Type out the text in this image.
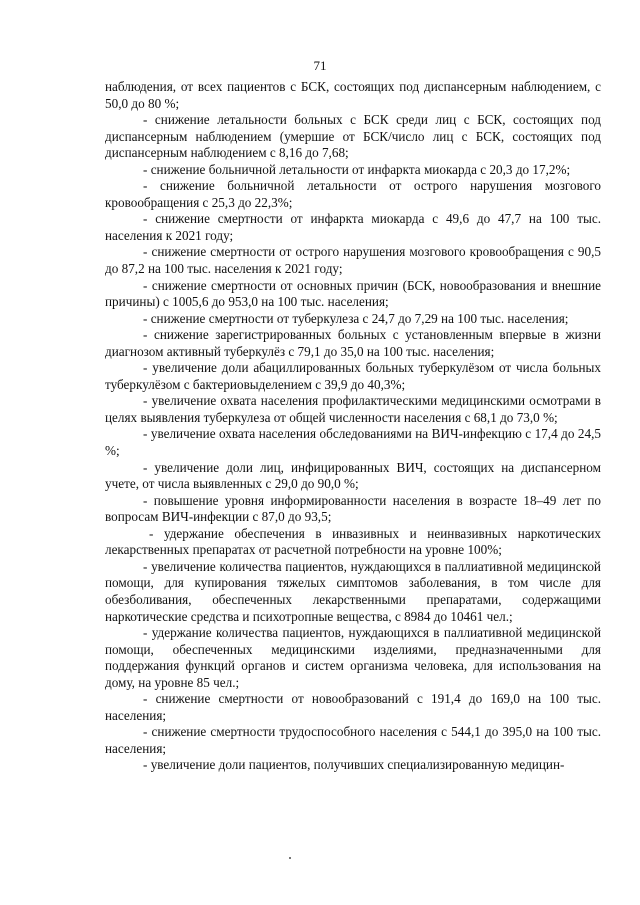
71

наблюдения, от всех пациентов с БСК, состоящих под диспансерным наблюдением, с 50,0 до 80 %;

- снижение летальности больных с БСК среди лиц с БСК, состоящих под диспансерным наблюдением (умершие от БСК/число лиц с БСК, состоящих под диспансерным наблюдением с 8,16 до 7,68;

- снижение больничной летальности от инфаркта миокарда с 20,3 до 17,2%;

- снижение больничной летальности от острого нарушения мозгового кровообращения с 25,3 до 22,3%;

- снижение смертности от инфаркта миокарда с 49,6 до 47,7 на 100 тыс. населения к 2021 году;

- снижение смертности от острого нарушения мозгового кровообращения с 90,5 до 87,2 на 100 тыс. населения к 2021 году;

- снижение смертности от основных причин (БСК, новообразования и внешние причины) с 1005,6 до 953,0 на 100 тыс. населения;

- снижение смертности от туберкулеза с 24,7 до 7,29 на 100 тыс. населения;

- снижение зарегистрированных больных с установленным впервые в жизни диагнозом активный туберкулёз с 79,1 до 35,0 на 100 тыс. населения;

- увеличение доли абациллированных больных туберкулёзом от числа больных туберкулёзом с бактериовыделением с 39,9 до 40,3%;

- увеличение охвата населения профилактическими медицинскими осмотрами в целях выявления туберкулеза от общей численности населения с 68,1 до 73,0 %;

- увеличение охвата населения обследованиями на ВИЧ-инфекцию с 17,4 до 24,5 %;

- увеличение доли лиц, инфицированных ВИЧ, состоящих на диспансерном учете, от числа выявленных с 29,0 до 90,0 %;

- повышение уровня информированности населения в возрасте 18–49 лет по вопросам ВИЧ-инфекции с 87,0 до 93,5;

- удержание обеспечения в инвазивных и неинвазивных наркотических лекарственных препаратах от расчетной потребности на уровне 100%;

- увеличение количества пациентов, нуждающихся в паллиативной медицинской помощи, для купирования тяжелых симптомов заболевания, в том числе для обезболивания, обеспеченных лекарственными препаратами, содержащими наркотические средства и психотропные вещества, с 8984 до 10461 чел.;

- удержание количества пациентов, нуждающихся в паллиативной медицинской помощи, обеспеченных медицинскими изделиями, предназначенными для поддержания функций органов и систем организма человека, для использования на дому, на уровне 85 чел.;

- снижение смертности от новообразований с 191,4 до 169,0 на 100 тыс. населения;

- снижение смертности трудоспособного населения с 544,1 до 395,0 на 100 тыс. населения;

- увеличение доли пациентов, получивших специализированную медицин-
